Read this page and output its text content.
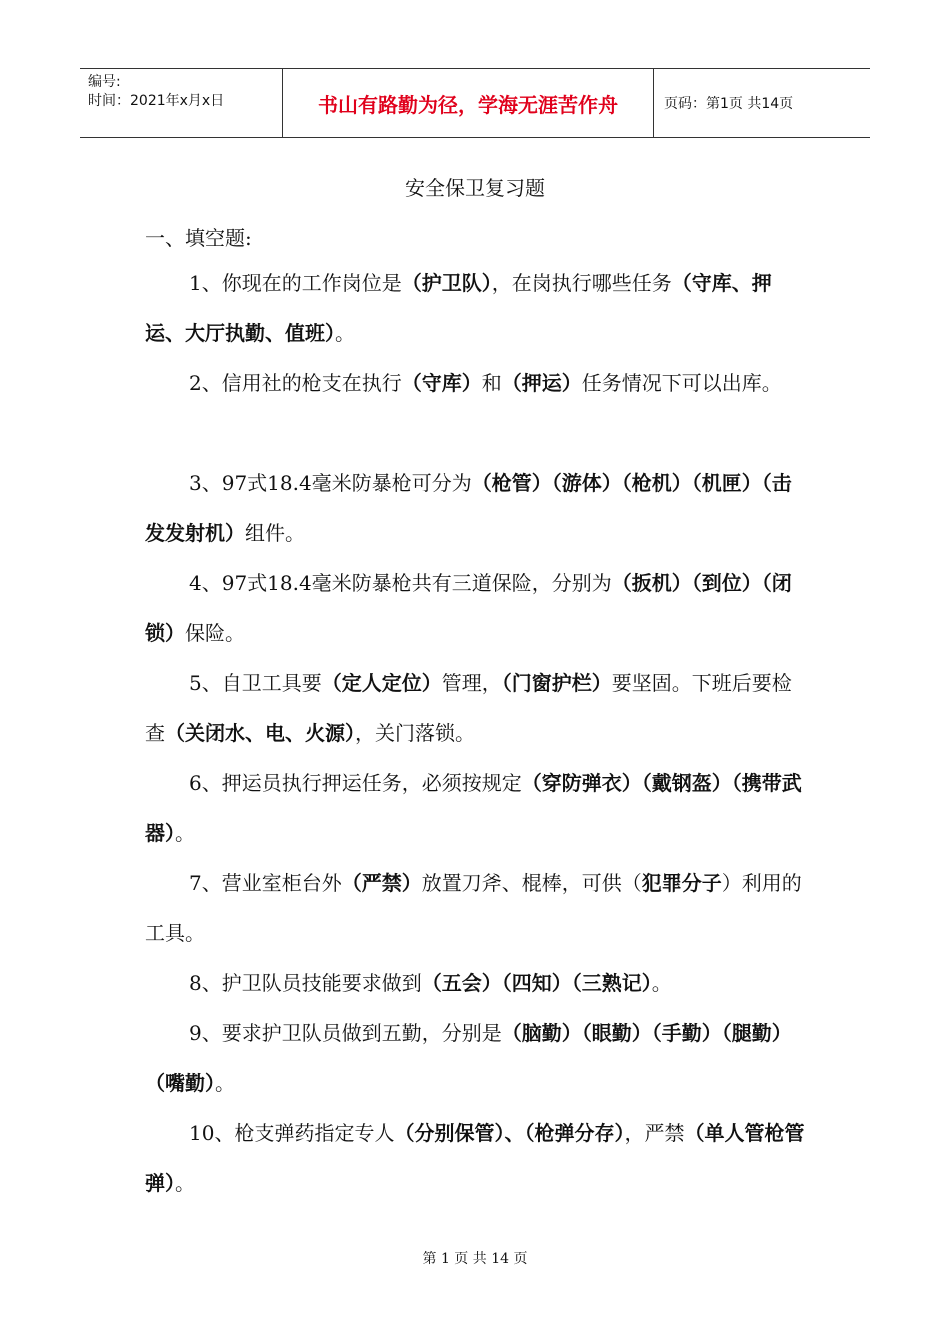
编号:
时间：2021年x月x日	书山有路勤为径，学海无涯苦作舟	页码：第1页 共14页
安全保卫复习题
一、填空题:
1、你现在的工作岗位是（护卫队），在岗执行哪些任务（守库、押运、大厅执勤、值班）。
2、信用社的枪支在执行（守库）和（押运）任务情况下可以出库。
3、97式18.4毫米防暴枪可分为（枪管）（游体）（枪机）（机匣）（击发发射机）组件。
4、97式18.4毫米防暴枪共有三道保险，分别为（扳机）（到位）（闭锁）保险。
5、自卫工具要（定人定位）管理，（门窗护栏）要坚固。下班后要检查（关闭水、电、火源），关门落锁。
6、押运员执行押运任务，必须按规定（穿防弹衣）（戴钢盔）（携带武器）。
7、营业室柜台外（严禁）放置刀斧、棍棒，可供（犯罪分子）利用的工具。
8、护卫队员技能要求做到（五会）（四知）（三熟记）。
9、要求护卫队员做到五勤，分别是（脑勤）（眼勤）（手勤）（腿勤）（嘴勤）。
10、枪支弹药指定专人（分别保管）、（枪弹分存），严禁（单人管枪管弹）。
第 1 页 共 14 页
